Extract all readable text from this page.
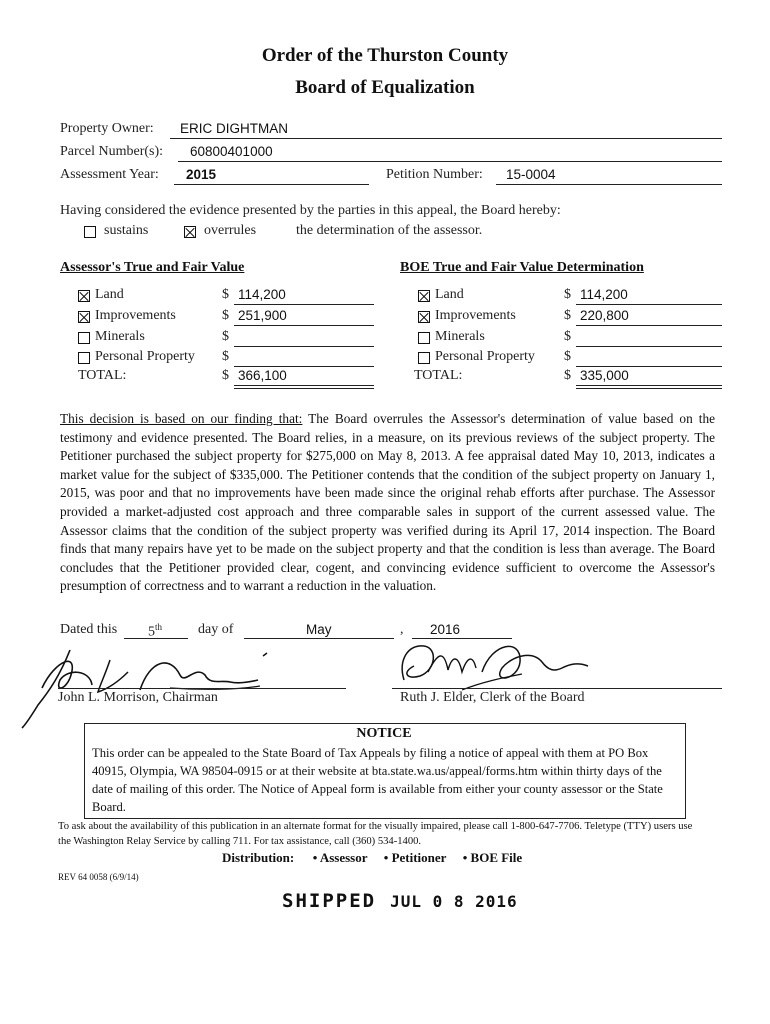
Order of the Thurston County
Board of Equalization
Property Owner: ERIC DIGHTMAN
Parcel Number(s): 60800401000
Assessment Year: 2015	Petition Number: 15-0004
Having considered the evidence presented by the parties in this appeal, the Board hereby:
sustains	overrules	the determination of the assessor.
Assessor's True and Fair Value	BOE True and Fair Value Determination
Land	$ 114,200
Improvements	$ 251,900
Minerals	$
Personal Property $
TOTAL:	$ 366,100
Land	$ 114,200
Improvements	$ 220,800
Minerals	$
Personal Property $
TOTAL:	$ 335,000
This decision is based on our finding that: The Board overrules the Assessor's determination of value based on the testimony and evidence presented. The Board relies, in a measure, on its previous reviews of the subject property. The Petitioner purchased the subject property for $275,000 on May 8, 2013. A fee appraisal dated May 10, 2013, indicates a market value for the subject of $335,000. The Petitioner contends that the condition of the subject property on January 1, 2015, was poor and that no improvements have been made since the original rehab efforts after purchase. The Assessor provided a market-adjusted cost approach and three comparable sales in support of the current assessed value. The Assessor claims that the condition of the subject property was verified during its April 17, 2014 inspection. The Board finds that many repairs have yet to be made on the subject property and that the condition is less than average. The Board concludes that the Petitioner provided clear, cogent, and convincing evidence sufficient to overcome the Assessor's presumption of correctness and to warrant a reduction in the valuation.
Dated this 5th	day of	May	, 2016
John L. Morrison, Chairman	Ruth J. Elder, Clerk of the Board
NOTICE
This order can be appealed to the State Board of Tax Appeals by filing a notice of appeal with them at PO Box 40915, Olympia, WA 98504-0915 or at their website at bta.state.wa.us/appeal/forms.htm within thirty days of the date of mailing of this order. The Notice of Appeal form is available from either your county assessor or the State Board.
To ask about the availability of this publication in an alternate format for the visually impaired, please call 1-800-647-7706. Teletype (TTY) users use the Washington Relay Service by calling 711. For tax assistance, call (360) 534-1400.
Distribution: • Assessor • Petitioner • BOE File
REV 64 0058 (6/9/14)
SHIPPED JUL 0 8 2016
